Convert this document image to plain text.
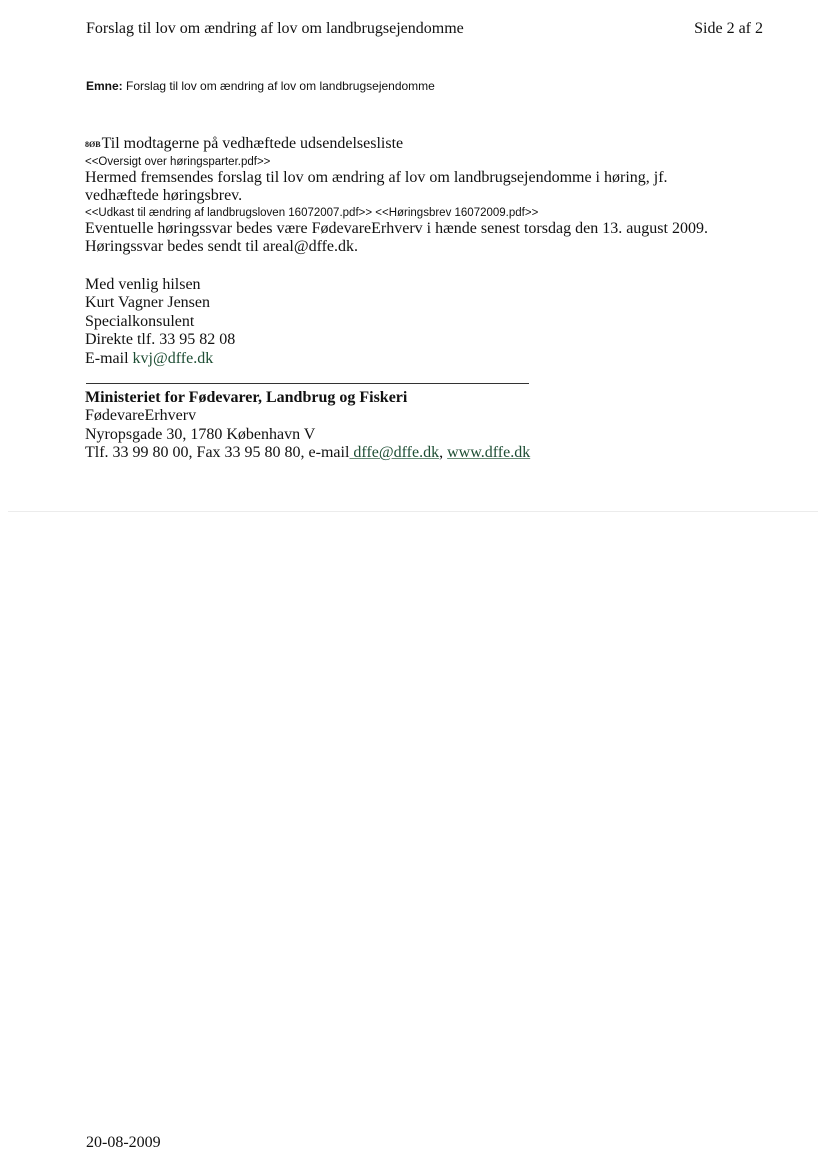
Forslag til lov om ændring af lov om landbrugsejendomme	Side 2 af 2
Emne: Forslag til lov om ændring af lov om landbrugsejendomme
8ØBTil modtagerne på vedhæftede udsendelsesliste
<<Oversigt over høringsparter.pdf>>
Hermed fremsendes forslag til lov om ændring af lov om landbrugsejendomme i høring, jf.
vedhæftede høringsbrev.
<<Udkast til ændring af landbrugsloven 16072007.pdf>> <<Høringsbrev 16072009.pdf>>
Eventuelle høringssvar bedes være FødevareErhverv i hænde senest torsdag den 13. august 2009.
Høringssvar bedes sendt til areal@dffe.dk.
Med venlig hilsen
Kurt Vagner Jensen
Specialkonsulent
Direkte tlf. 33 95 82 08
E-mail kvj@dffe.dk
Ministeriet for Fødevarer, Landbrug og Fiskeri
FødevareErhverv
Nyropsgade 30, 1780 København V
Tlf. 33 99 80 00, Fax 33 95 80 80, e-mail dffe@dffe.dk, www.dffe.dk
20-08-2009
